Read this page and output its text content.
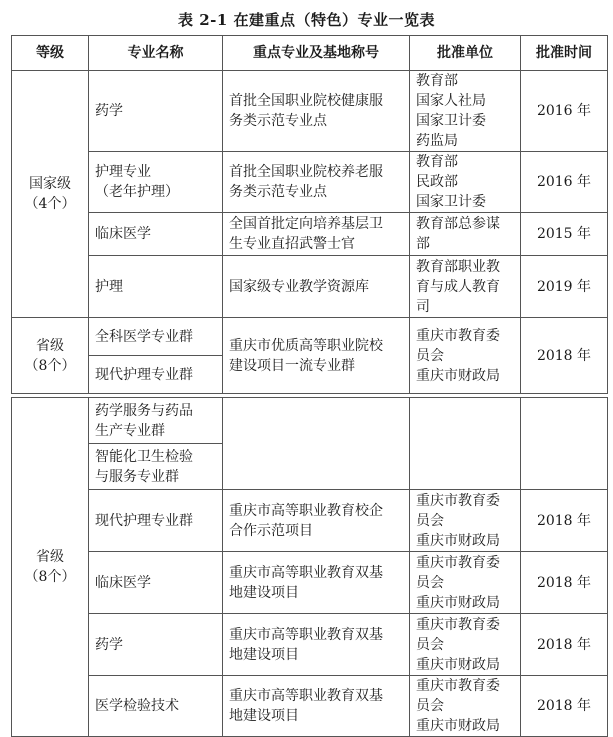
表 2-1 在建重点（特色）专业一览表
等级	专业名称	重点专业及基地称号	批准单位	批准时间

国家级
（4个）	药学	首批全国职业院校健康服
务类示范专业点	教育部
国家人社局
国家卫计委
药监局	2016 年

	护理专业
（老年护理）	首批全国职业院校养老服
务类示范专业点	教育部
民政部
国家卫计委	2016 年

	临床医学	全国首批定向培养基层卫
生专业直招武警士官	教育部总参谋
部	2015 年

	护理	国家级专业教学资源库	教育部职业教
育与成人教育
司	2019 年

省级
（8个）	全科医学专业群	重庆市优质高等职业院校
建设项目一流专业群	重庆市教育委
员会
重庆市财政局	2018 年
	现代护理专业群			

省级
（8个）	药学服务与药品
生产专业群			

	智能化卫生检验
与服务专业群			

	现代护理专业群	重庆市高等职业教育校企
合作示范项目	重庆市教育委
员会
重庆市财政局	2018 年

	临床医学	重庆市高等职业教育双基
地建设项目	重庆市教育委
员会
重庆市财政局	2018 年

	药学	重庆市高等职业教育双基
地建设项目	重庆市教育委
员会
重庆市财政局	2018 年

	医学检验技术	重庆市高等职业教育双基
地建设项目	重庆市教育委
员会
重庆市财政局	2018 年
